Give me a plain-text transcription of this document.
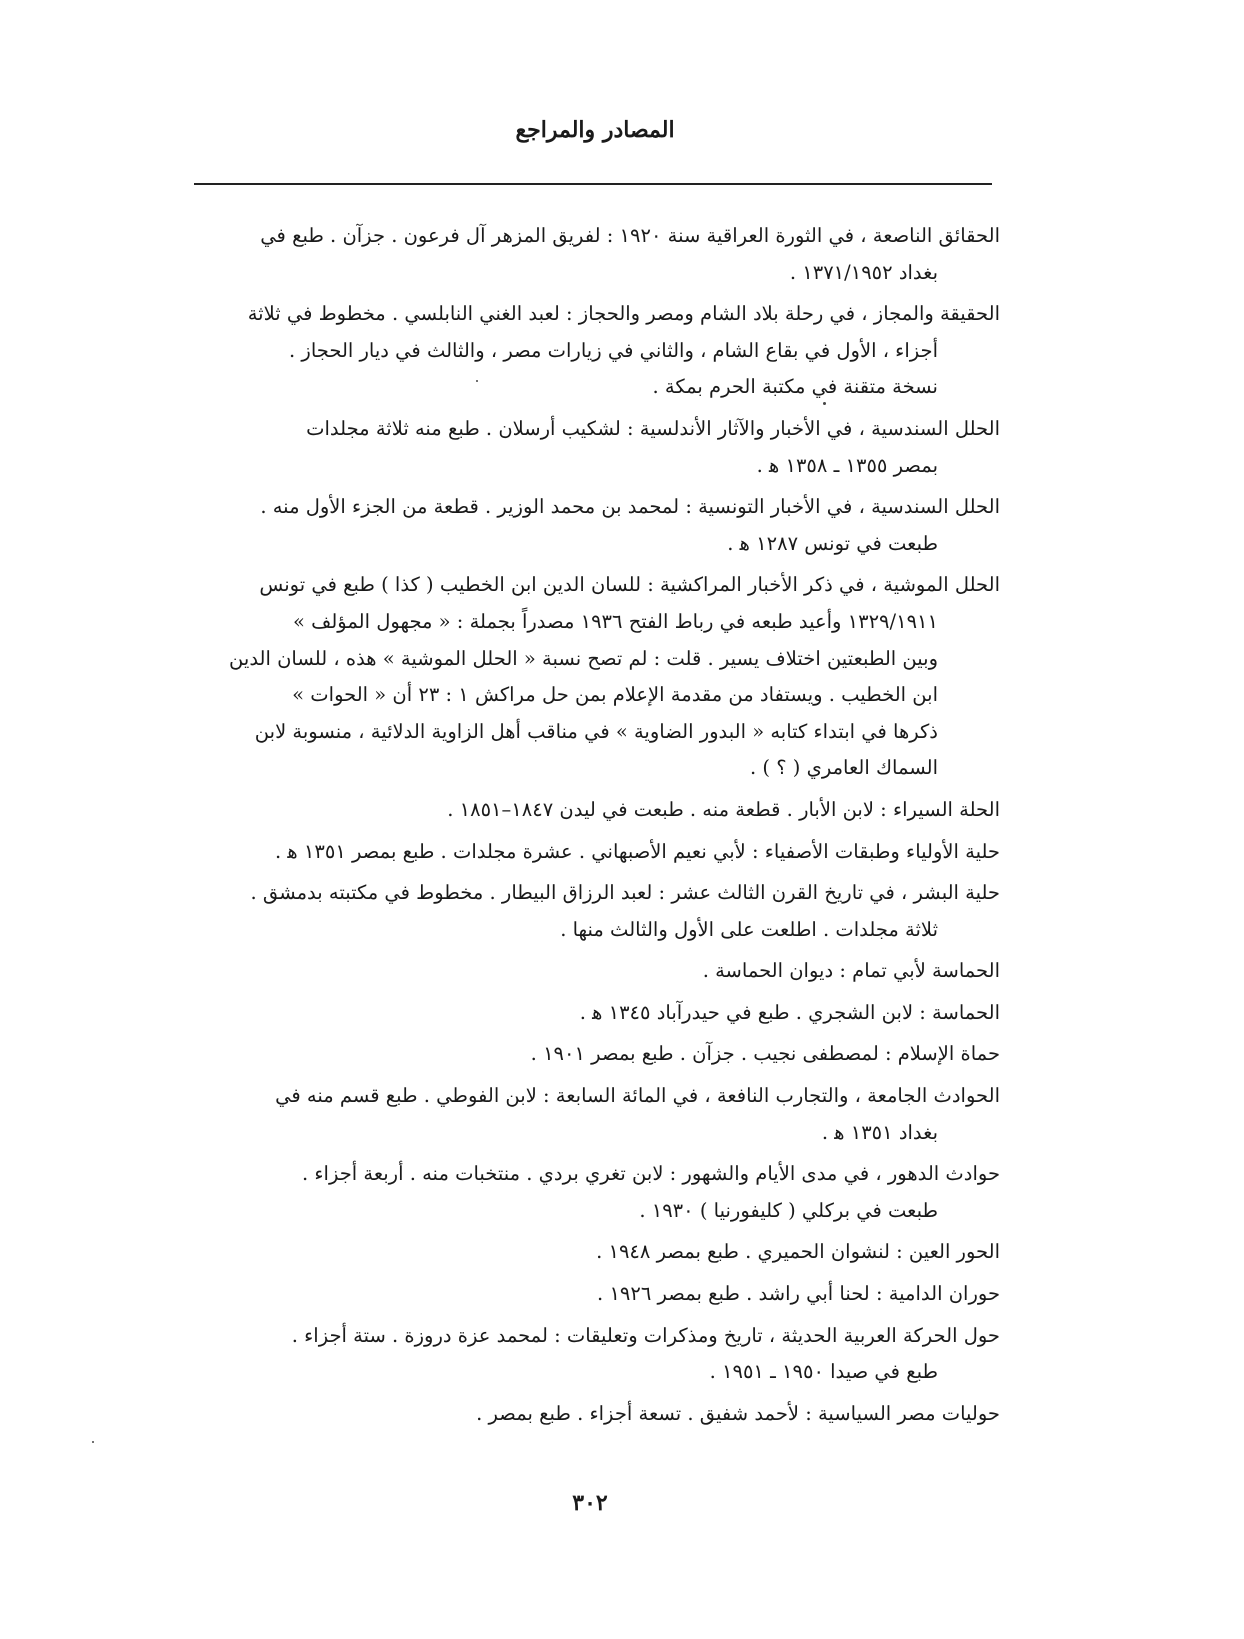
المصادر والمراجع
الحقائق الناصعة ، في الثورة العراقية سنة ١٩٢٠ : لفريق المزهر آل فرعون . جزآن . طبع في
بغداد ١٣٧١/١٩٥٢ .
الحقيقة والمجاز ، في رحلة بلاد الشام ومصر والحجاز : لعبد الغني النابلسي . مخطوط في ثلاثة
أجزاء ، الأول في بقاع الشام ، والثاني في زيارات مصر ، والثالث في ديار الحجاز .
نسخة متقنة في مكتبة الحرم بمكة .
الحلل السندسية ، في الأخبار والآثار الأندلسية : لشكيب أرسلان . طبع منه ثلاثة مجلدات
بمصر ١٣٥٥ ـ ١٣٥٨ ﻫ .
الحلل السندسية ، في الأخبار التونسية : لمحمد بن محمد الوزير . قطعة من الجزء الأول منه .
طبعت في تونس ١٢٨٧ ﻫ .
الحلل الموشية ، في ذكر الأخبار المراكشية : للسان الدين ابن الخطيب ( كذا ) طبع في تونس
١٣٢٩/١٩١١ وأعيد طبعه في رباط الفتح ١٩٣٦ مصدراً بجملة : « مجهول المؤلف »
وبين الطبعتين اختلاف يسير . قلت : لم تصح نسبة « الحلل الموشية » هذه ، للسان الدين
ابن الخطيب . ويستفاد من مقدمة الإعلام بمن حل مراكش ١ : ٢٣ أن « الحوات »
ذكرها في ابتداء كتابه « البدور الضاوية » في مناقب أهل الزاوية الدلائية ، منسوبة لابن
السماك العامري ( ؟ ) .
الحلة السيراء : لابن الأبار . قطعة منه . طبعت في ليدن ١٨٤٧–١٨٥١ .
حلية الأولياء وطبقات الأصفياء : لأبي نعيم الأصبهاني . عشرة مجلدات . طبع بمصر ١٣٥١ ﻫ .
حلية البشر ، في تاريخ القرن الثالث عشر : لعبد الرزاق البيطار . مخطوط في مكتبته بدمشق .
ثلاثة مجلدات . اطلعت على الأول والثالث منها .
الحماسة لأبي تمام : ديوان الحماسة .
الحماسة : لابن الشجري . طبع في حيدرآباد ١٣٤٥ ﻫ .
حماة الإسلام : لمصطفى نجيب . جزآن . طبع بمصر ١٩٠١ .
الحوادث الجامعة ، والتجارب النافعة ، في المائة السابعة : لابن الفوطي . طبع قسم منه في
بغداد ١٣٥١ ﻫ .
حوادث الدهور ، في مدى الأيام والشهور : لابن تغري بردي . منتخبات منه . أربعة أجزاء .
طبعت في بركلي ( كليفورنيا ) ١٩٣٠ .
الحور العين : لنشوان الحميري . طبع بمصر ١٩٤٨ .
حوران الدامية : لحنا أبي راشد . طبع بمصر ١٩٢٦ .
حول الحركة العربية الحديثة ، تاريخ ومذكرات وتعليقات : لمحمد عزة دروزة . ستة أجزاء .
طبع في صيدا ١٩٥٠ ـ ١٩٥١ .
حوليات مصر السياسية : لأحمد شفيق . تسعة أجزاء . طبع بمصر .
٣٠٢
